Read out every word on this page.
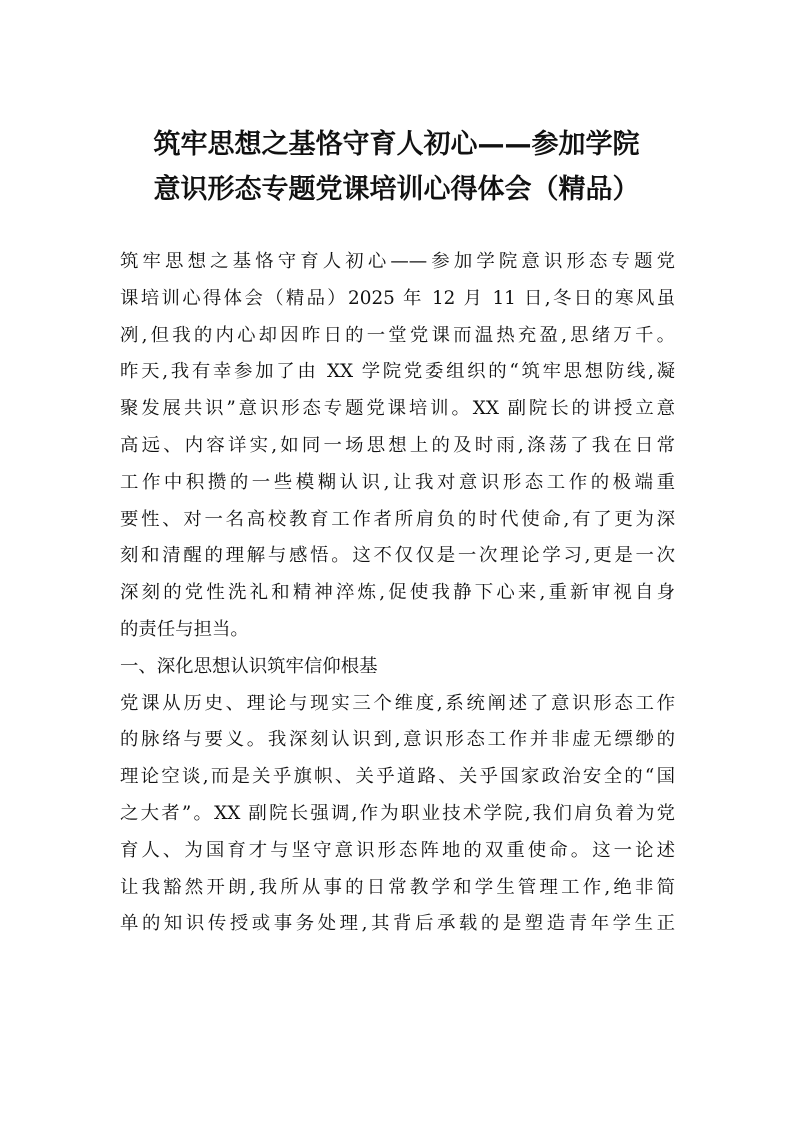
筑牢思想之基恪守育人初心——参加学院
意识形态专题党课培训心得体会（精品）
筑牢思想之基恪守育人初心——参加学院意识形态专题党
课培训心得体会（精品）2025 年 12 月 11 日,冬日的寒风虽
冽,但我的内心却因昨日的一堂党课而温热充盈,思绪万千。
昨天,我有幸参加了由 XX 学院党委组织的“筑牢思想防线,凝
聚发展共识”意识形态专题党课培训。XX 副院长的讲授立意
高远、内容详实,如同一场思想上的及时雨,涤荡了我在日常
工作中积攒的一些模糊认识,让我对意识形态工作的极端重
要性、对一名高校教育工作者所肩负的时代使命,有了更为深
刻和清醒的理解与感悟。这不仅仅是一次理论学习,更是一次
深刻的党性洗礼和精神淬炼,促使我静下心来,重新审视自身
的责任与担当。
一、深化思想认识筑牢信仰根基
党课从历史、理论与现实三个维度,系统阐述了意识形态工作
的脉络与要义。我深刻认识到,意识形态工作并非虚无缥缈的
理论空谈,而是关乎旗帜、关乎道路、关乎国家政治安全的“国
之大者”。XX 副院长强调,作为职业技术学院,我们肩负着为党
育人、为国育才与坚守意识形态阵地的双重使命。这一论述
让我豁然开朗,我所从事的日常教学和学生管理工作,绝非简
单的知识传授或事务处理,其背后承载的是塑造青年学生正
